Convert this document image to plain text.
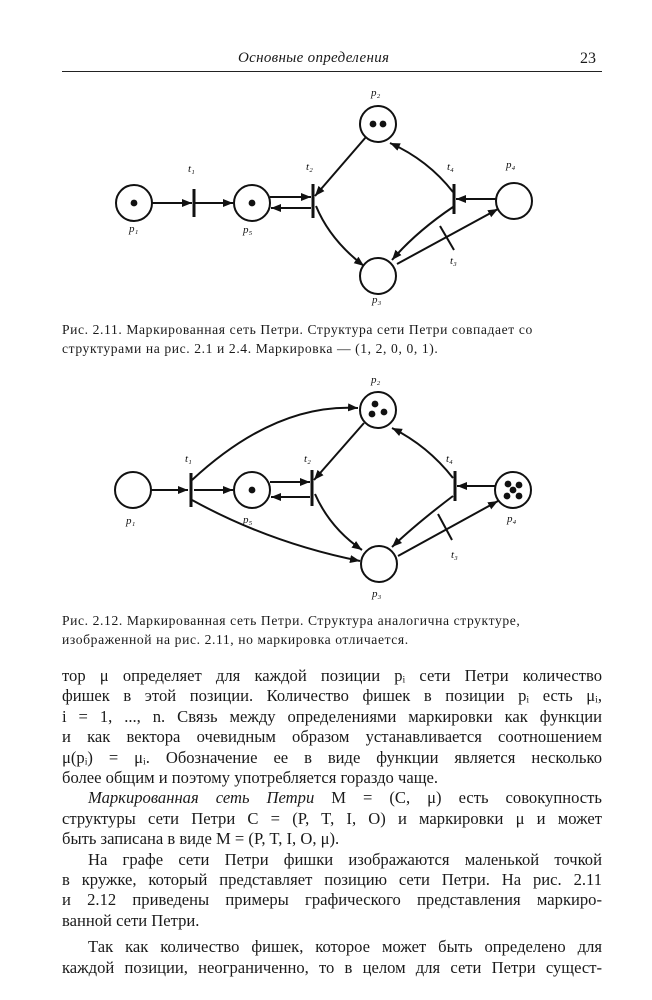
Основные определения	23
p₁	p₅
p₂
p₃
p₄
t₁	t₂
t₃
t₄
Рис. 2.11. Маркированная сеть Петри. Структура сети Петри совпадает со
структурами на рис. 2.1 и 2.4. Маркировка — (1, 2, 0, 0, 1).
p₁	p₅
p₂
p₃
p₄
t₁	t₂
t₃
t₄
Рис. 2.12. Маркированная сеть Петри. Структура аналогична структуре,
изображенной на рис. 2.11, но маркировка отличается.

тор μ определяет для каждой позиции pᵢ сети Петри количество

фишек в этой позиции. Количество фишек в позиции pᵢ есть μᵢ,

i = 1, ..., n. Связь между определениями маркировки как функции

и как вектора очевидным образом устанавливается соотношением

μ(pᵢ) = μᵢ. Обозначение ее в виде функции является несколько

более общим и поэтому употребляется гораздо чаще.

Маркированная сеть Петри M = (C, μ) есть совокупность

структуры сети Петри C = (P, T, I, O) и маркировки μ и может

быть записана в виде M = (P, T, I, O, μ).

На графе сети Петри фишки изображаются маленькой точкой

в кружке, который представляет позицию сети Петри. На рис. 2.11

и 2.12 приведены примеры графического представления маркиро-

ванной сети Петри.

Так как количество фишек, которое может быть определено для

каждой позиции, неограниченно, то в целом для сети Петри сущест-
